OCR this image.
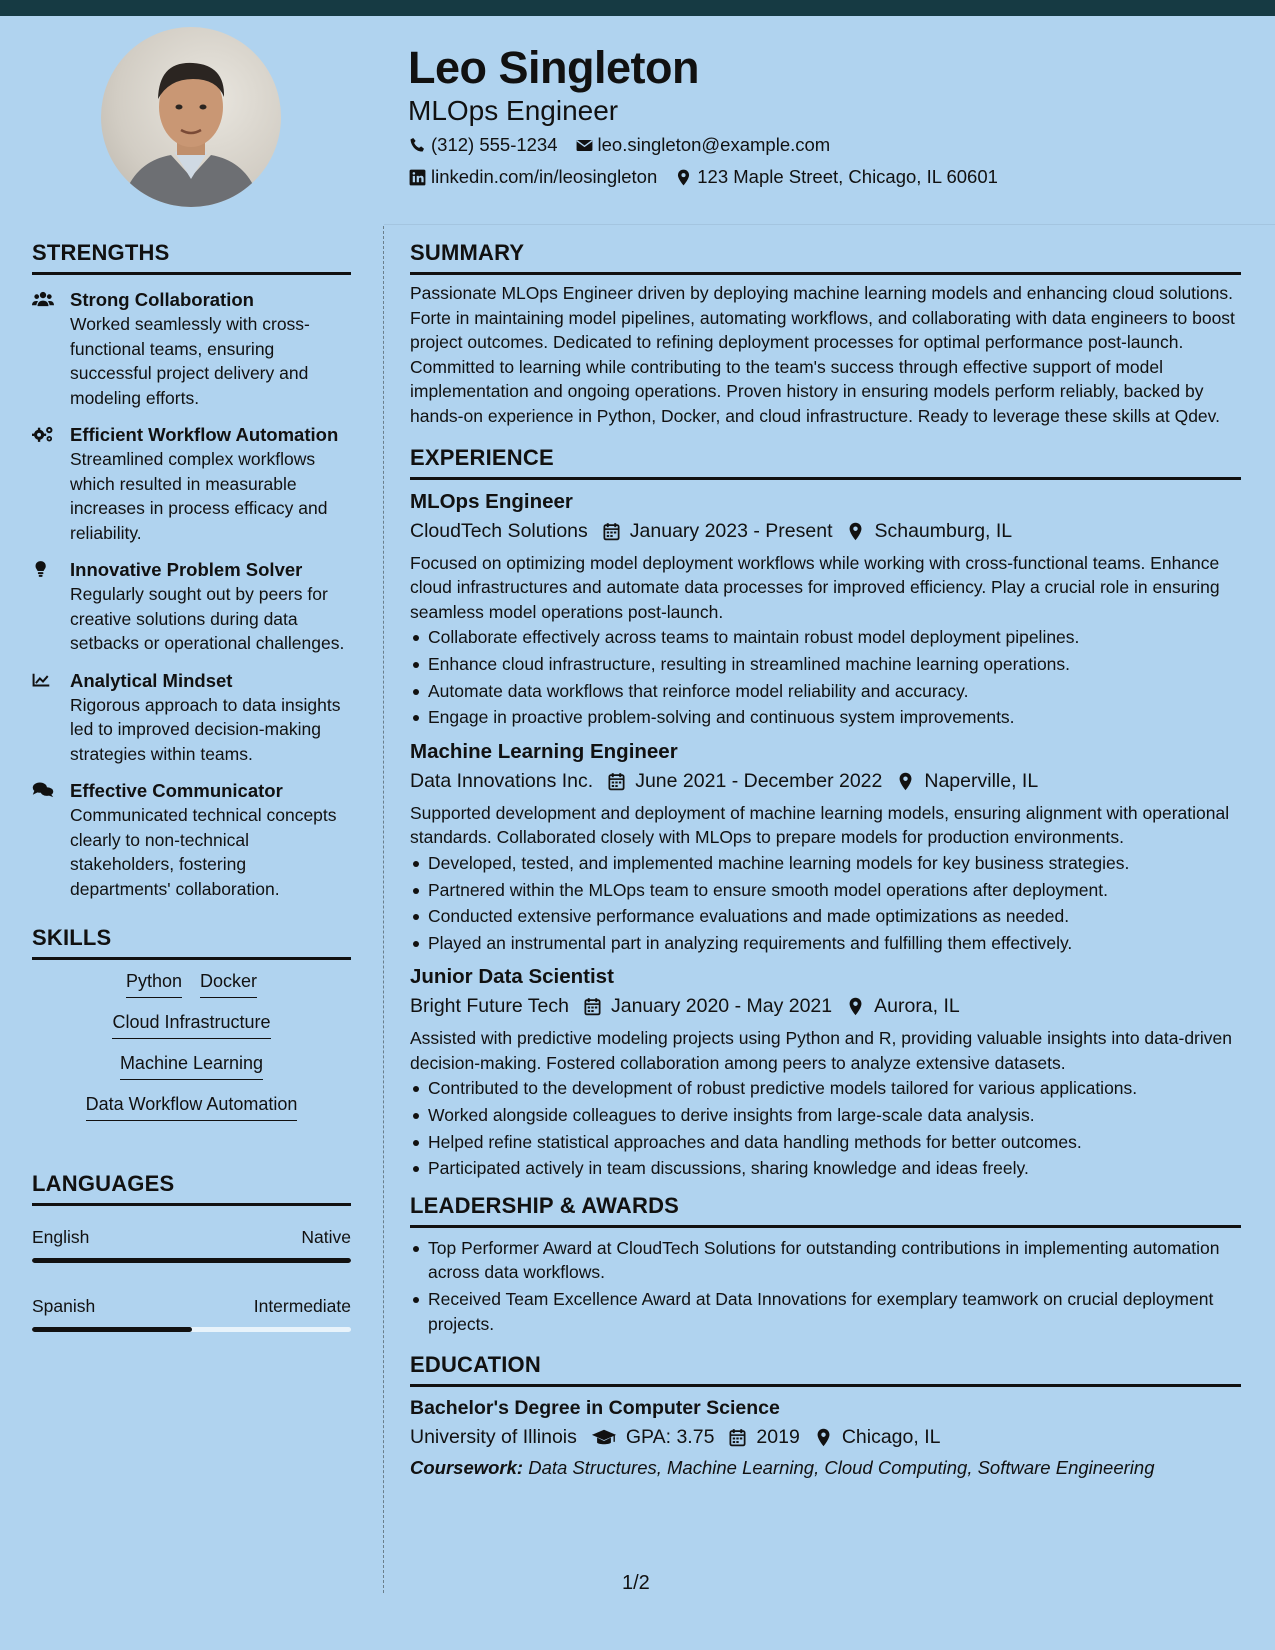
Leo Singleton
MLOps Engineer
(312) 555-1234 leo.singleton@example.com
linkedin.com/in/leosingleton 123 Maple Street, Chicago, IL 60601
STRENGTHS
Strong Collaboration
Worked seamlessly with cross-functional teams, ensuring successful project delivery and modeling efforts.
Efficient Workflow Automation
Streamlined complex workflows which resulted in measurable increases in process efficacy and reliability.
Innovative Problem Solver
Regularly sought out by peers for creative solutions during data setbacks or operational challenges.
Analytical Mindset
Rigorous approach to data insights led to improved decision-making strategies within teams.
Effective Communicator
Communicated technical concepts clearly to non-technical stakeholders, fostering departments' collaboration.
SKILLS
Python Docker
Cloud Infrastructure
Machine Learning
Data Workflow Automation
LANGUAGES
English	Native
Spanish	Intermediate
SUMMARY
Passionate MLOps Engineer driven by deploying machine learning models and enhancing cloud solutions. Forte in maintaining model pipelines, automating workflows, and collaborating with data engineers to boost project outcomes. Dedicated to refining deployment processes for optimal performance post-launch. Committed to learning while contributing to the team's success through effective support of model implementation and ongoing operations. Proven history in ensuring models perform reliably, backed by hands-on experience in Python, Docker, and cloud infrastructure. Ready to leverage these skills at Qdev.
EXPERIENCE
MLOps Engineer
CloudTech Solutions January 2023 - Present Schaumburg, IL
Focused on optimizing model deployment workflows while working with cross-functional teams. Enhance cloud infrastructures and automate data processes for improved efficiency. Play a crucial role in ensuring seamless model operations post-launch.
Collaborate effectively across teams to maintain robust model deployment pipelines.
Enhance cloud infrastructure, resulting in streamlined machine learning operations.
Automate data workflows that reinforce model reliability and accuracy.
Engage in proactive problem-solving and continuous system improvements.
Machine Learning Engineer
Data Innovations Inc. June 2021 - December 2022 Naperville, IL
Supported development and deployment of machine learning models, ensuring alignment with operational standards. Collaborated closely with MLOps to prepare models for production environments.
Developed, tested, and implemented machine learning models for key business strategies.
Partnered within the MLOps team to ensure smooth model operations after deployment.
Conducted extensive performance evaluations and made optimizations as needed.
Played an instrumental part in analyzing requirements and fulfilling them effectively.
Junior Data Scientist
Bright Future Tech January 2020 - May 2021 Aurora, IL
Assisted with predictive modeling projects using Python and R, providing valuable insights into data-driven decision-making. Fostered collaboration among peers to analyze extensive datasets.
Contributed to the development of robust predictive models tailored for various applications.
Worked alongside colleagues to derive insights from large-scale data analysis.
Helped refine statistical approaches and data handling methods for better outcomes.
Participated actively in team discussions, sharing knowledge and ideas freely.
LEADERSHIP & AWARDS
Top Performer Award at CloudTech Solutions for outstanding contributions in implementing automation across data workflows.
Received Team Excellence Award at Data Innovations for exemplary teamwork on crucial deployment projects.
EDUCATION
Bachelor's Degree in Computer Science
University of Illinois	GPA: 3.75 2019 Chicago, IL
Coursework: Data Structures, Machine Learning, Cloud Computing, Software Engineering
1/2
